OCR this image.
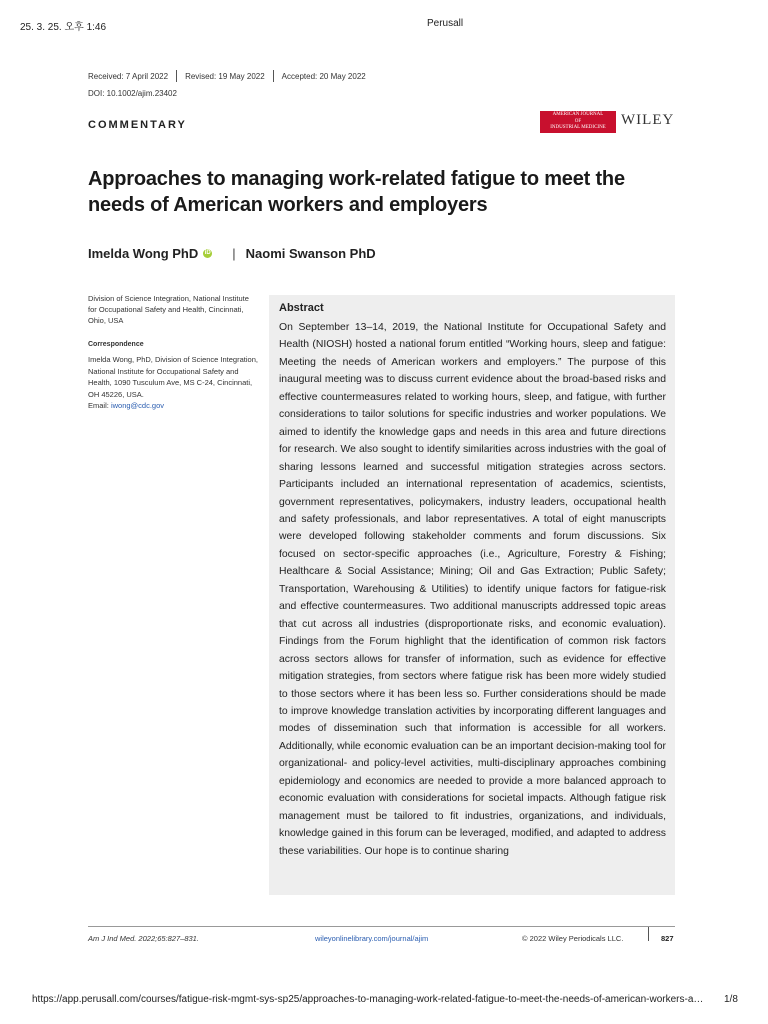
25. 3. 25. 오후 1:46	Perusall
Received: 7 April 2022 Revised: 19 May 2022 Accepted: 20 May 2022
DOI: 10.1002/ajim.23402
COMMENTARY
AMERICAN JOURNAL
OF
INDUSTRIAL MEDICINE	WILEY
Approaches to managing work-related fatigue to meet the needs of American workers and employers
Imelda Wong PhD iD | Naomi Swanson PhD
Division of Science Integration, National Institute for Occupational Safety and Health, Cincinnati, Ohio, USA
Correspondence
Imelda Wong, PhD, Division of Science Integration, National Institute for Occupational Safety and Health, 1090 Tusculum Ave, MS C-24, Cincinnati, OH 45226, USA.
Email: iwong@cdc.gov
Abstract
On September 13–14, 2019, the National Institute for Occupational Safety and Health (NIOSH) hosted a national forum entitled “Working hours, sleep and fatigue: Meeting the needs of American workers and employers.” The purpose of this inaugural meeting was to discuss current evidence about the broad-based risks and effective countermeasures related to working hours, sleep, and fatigue, with further considerations to tailor solutions for specific industries and worker populations. We aimed to identify the knowledge gaps and needs in this area and future directions for research. We also sought to identify similarities across industries with the goal of sharing lessons learned and successful mitigation strategies across sectors. Participants included an international representation of academics, scientists, government representatives, policymakers, industry leaders, occupational health and safety professionals, and labor representatives. A total of eight manuscripts were developed following stakeholder comments and forum discussions. Six focused on sector-specific approaches (i.e., Agriculture, Forestry & Fishing; Healthcare & Social Assistance; Mining; Oil and Gas Extraction; Public Safety; Transportation, Warehousing & Utilities) to identify unique factors for fatigue-risk and effective countermeasures. Two additional manuscripts addressed topic areas that cut across all industries (disproportionate risks, and economic evaluation). Findings from the Forum highlight that the identification of common risk factors across sectors allows for transfer of information, such as evidence for effective mitigation strategies, from sectors where fatigue risk has been more widely studied to those sectors where it has been less so. Further considerations should be made to improve knowledge translation activities by incorporating different languages and modes of dissemination such that information is accessible for all workers. Additionally, while economic evaluation can be an important decision-making tool for organizational- and policy-level activities, multi-disciplinary approaches combining epidemiology and economics are needed to provide a more balanced approach to economic evaluation with considerations for societal impacts. Although fatigue risk management must be tailored to fit industries, organizations, and individuals, knowledge gained in this forum can be leveraged, modified, and adapted to address these variabilities. Our hope is to continue sharing
Am J Ind Med. 2022;65:827–831.	wileyonlinelibrary.com/journal/ajim	© 2022 Wiley Periodicals LLC.	827
https://app.perusall.com/courses/fatigue-risk-mgmt-sys-sp25/approaches-to-managing-work-related-fatigue-to-meet-the-needs-of-american-workers-a…	1/8
